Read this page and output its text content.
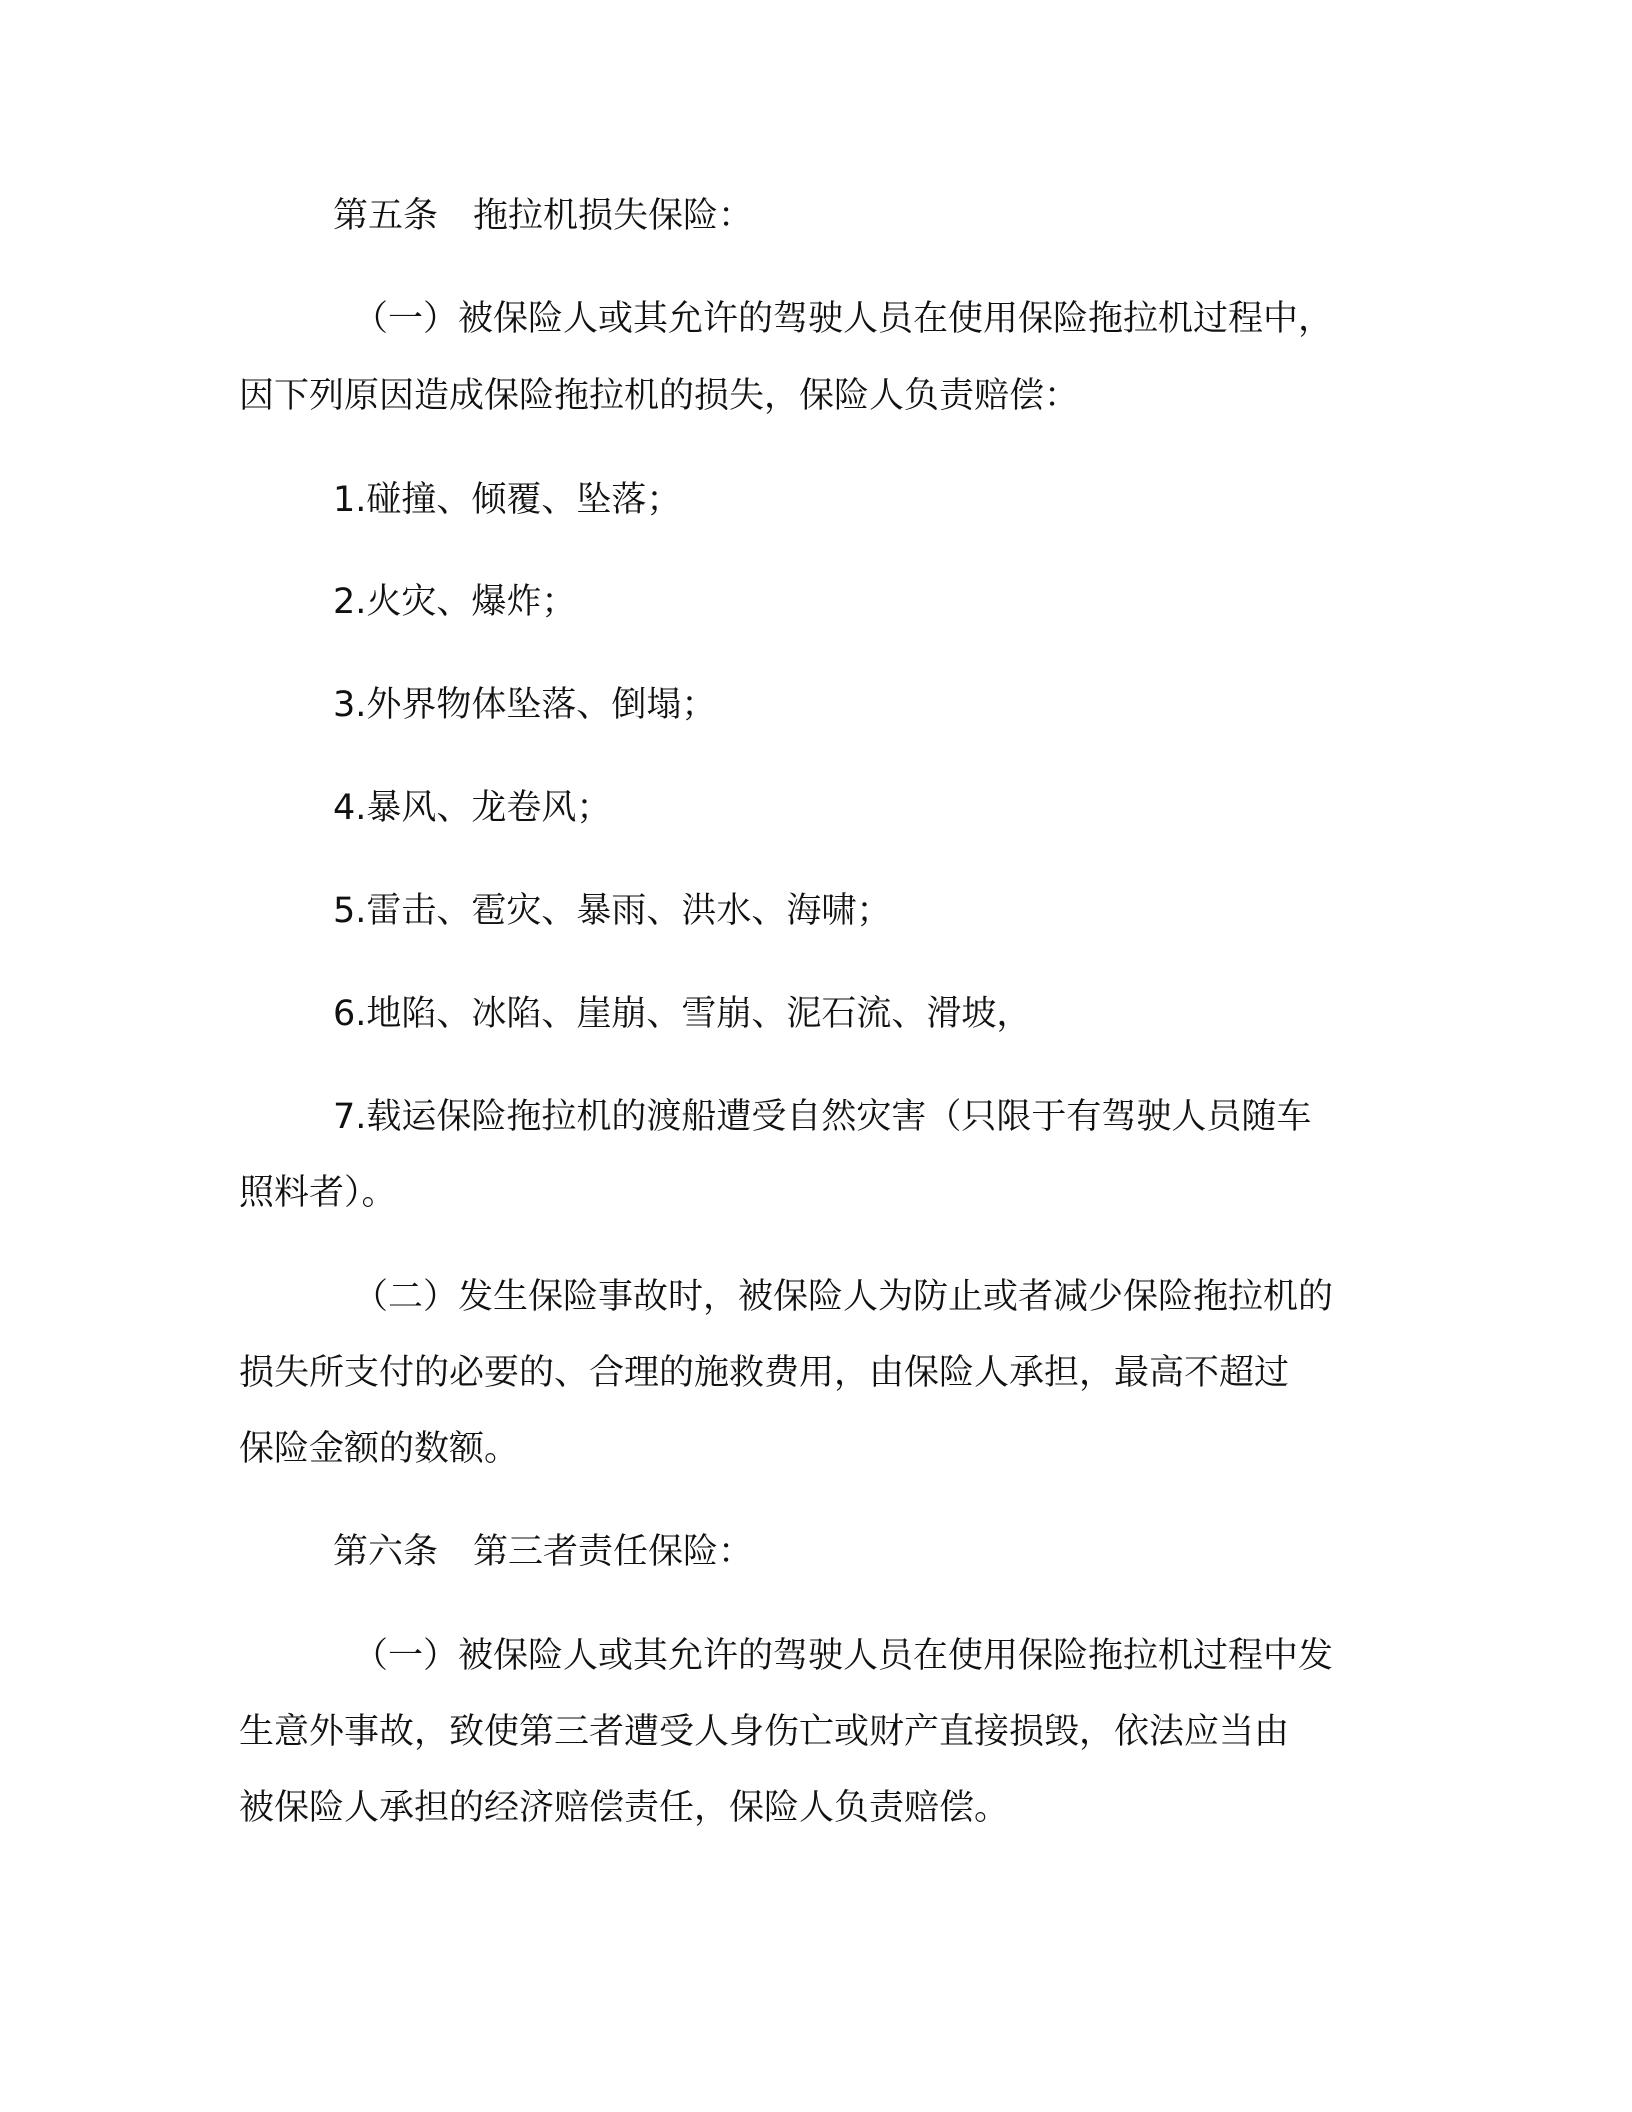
第五条　拖拉机损失保险：

（一）被保险人或其允许的驾驶人员在使用保险拖拉机过程中，

因下列原因造成保险拖拉机的损失，保险人负责赔偿：

1.碰撞、倾覆、坠落；

2.火灾、爆炸；

3.外界物体坠落、倒塌；

4.暴风、龙卷风；

5.雷击、雹灾、暴雨、洪水、海啸；

6.地陷、冰陷、崖崩、雪崩、泥石流、滑坡，

7.载运保险拖拉机的渡船遭受自然灾害（只限于有驾驶人员随车

照料者）。

（二）发生保险事故时，被保险人为防止或者减少保险拖拉机的

损失所支付的必要的、合理的施救费用，由保险人承担，最高不超过

保险金额的数额。

第六条　第三者责任保险：

（一）被保险人或其允许的驾驶人员在使用保险拖拉机过程中发

生意外事故，致使第三者遭受人身伤亡或财产直接损毁，依法应当由

被保险人承担的经济赔偿责任，保险人负责赔偿。
